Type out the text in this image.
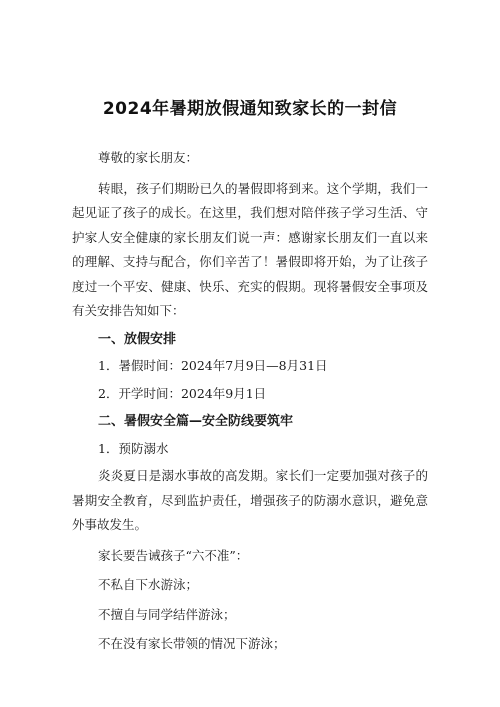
2024年暑期放假通知致家长的一封信

尊敬的家长朋友：

转眼，孩子们期盼已久的暑假即将到来。这个学期，我们一起见证了孩子的成长。在这里，我们想对陪伴孩子学习生活、守护家人安全健康的家长朋友们说一声：感谢家长朋友们一直以来的理解、支持与配合，你们辛苦了！暑假即将开始，为了让孩子度过一个平安、健康、快乐、充实的假期。现将暑假安全事项及有关安排告知如下：

一、放假安排

1．暑假时间：2024年7月9日—8月31日

2．开学时间：2024年9月1日

二、暑假安全篇—安全防线要筑牢

1．预防溺水

炎炎夏日是溺水事故的高发期。家长们一定要加强对孩子的暑期安全教育，尽到监护责任，增强孩子的防溺水意识，避免意外事故发生。

家长要告诫孩子“六不准”：

不私自下水游泳；

不擅自与同学结伴游泳；

不在没有家长带领的情况下游泳；
